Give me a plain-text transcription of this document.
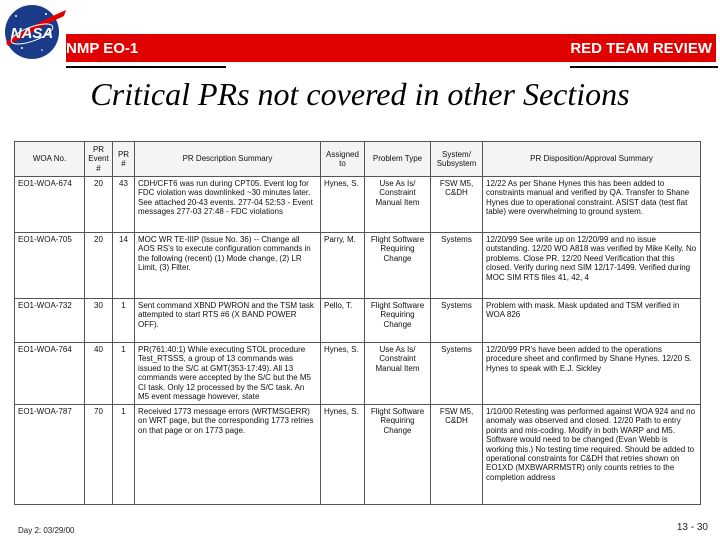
NASA
NMP EO-1	RED TEAM REVIEW
Critical PRs not covered in other Sections
WOA No.	PR Event #	PR #	PR Description Summary	Assigned to	Problem Type	System/ Subsystem	PR Disposition/Approval Summary
EO1-WOA-674	20	43	CDH/CFT6 was run during CPT05. Event log for FDC violation was downlinked ~30 minutes later. See attached 20-43 events. 277-04 52:53 - Event messages 277-03 27:48 - FDC violations	Hynes, S.	Use As Is/ Constraint Manual Item	FSW M5, C&DH	12/22 As per Shane Hynes this has been added to constraints manual and verified by QA. Transfer to Shane Hynes due to operational constraint. ASIST data (test flat table) were overwhelming to ground system.
EO1-WOA-705	20	14	MOC WR TE-IIIP (Issue No. 36) -- Change all AOS RS's to execute configuration commands in the following (recent) (1) Mode change, (2) LR Limit, (3) Filter.	Parry, M.	Flight Software Requiring Change	Systems	12/20/99 See write up on 12/20/99 and no issue outstanding. 12/20 WO A818 was verified by Mike Kelly. No problems. Close PR. 12/20 Need Verification that this closed. Verify during next SIM 12/17-1499. Verified during MOC SIM RTS files 41, 42, 4
EO1-WOA-732	30	1	Sent command XBND PWRON and the TSM task attempted to start RTS #6 (X BAND POWER OFF).	Pello, T.	Flight Software Requiring Change	Systems	Problem with mask. Mask updated and TSM verified in WOA 826
EO1-WOA-764	40	1	PR(761:40:1) While executing STOL procedure Test_RTSSS, a group of 13 commands was issued to the S/C at GMT(353-17:49). All 13 commands were accepted by the S/C but the M5 CI task. Only 12 processed by the S/C task. An M5 event message however, state	Hynes, S.	Use As Is/ Constraint Manual Item	Systems	12/20/99 PR's have been added to the operations procedure sheet and confirmed by Shane Hynes. 12/20 S. Hynes to speak with E.J. Sickley
EO1-WOA-787	70	1	Received 1773 message errors (WRTMSGERR) on WRT page, but the corresponding 1773 retries on that page or on 1773 page.	Hynes, S.	Flight Software Requiring Change	FSW M5, C&DH	1/10/00 Retesting was performed against WOA 924 and no anomaly was observed and closed. 12/20 Path to entry points and mis-coding. Modify in both WARP and M5. Software would need to be changed (Evan Webb is working this.) No testing time required. Should be added to operational constraints for C&DH that retries shown on EO1XD (MXBWARRMSTR) only counts retries to the completion address
Day 2: 03/29/00	13 - 30
